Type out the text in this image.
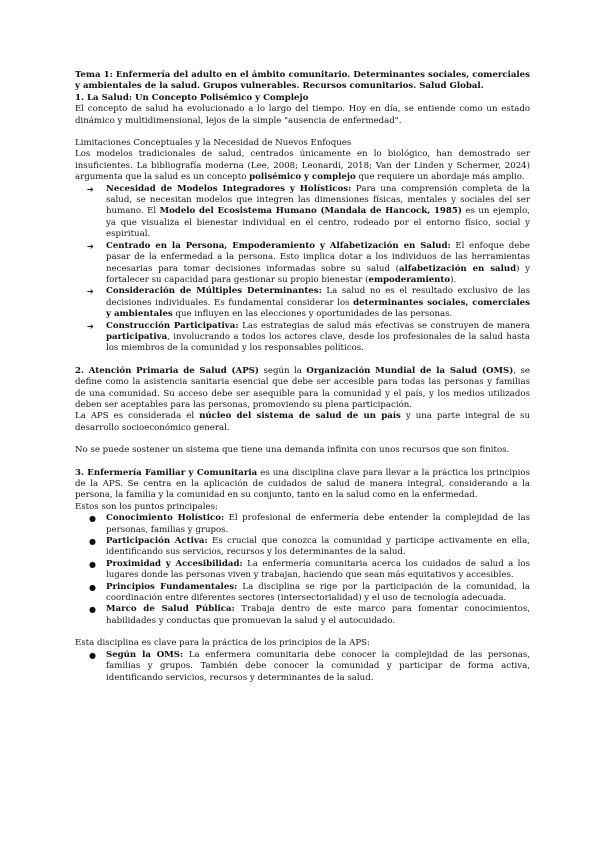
Tema 1: Enfermería del adulto en el ámbito comunitario. Determinantes sociales, comerciales y ambientales de la salud. Grupos vulnerables. Recursos comunitarios. Salud Global.

1. La Salud: Un Concepto Polisémico y Complejo

El concepto de salud ha evolucionado a lo largo del tiempo. Hoy en día, se entiende como un estado dinámico y multidimensional, lejos de la simple "ausencia de enfermedad".

Limitaciones Conceptuales y la Necesidad de Nuevos Enfoques

Los modelos tradicionales de salud, centrados únicamente en lo biológico, han demostrado ser insuficientes. La bibliografía moderna (Lee, 2008; Leonardi, 2018; Van der Linden y Schermer, 2024) argumenta que la salud es un concepto polisémico y complejo que requiere un abordaje más amplio.

➔ Necesidad de Modelos Integradores y Holísticos: Para una comprensión completa de la salud, se necesitan modelos que integren las dimensiones físicas, mentales y sociales del ser humano. El Modelo del Ecosistema Humano (Mandala de Hancock, 1985) es un ejemplo, ya que visualiza el bienestar individual en el centro, rodeado por el entorno físico, social y espiritual.
➔ Centrado en la Persona, Empoderamiento y Alfabetización en Salud: El enfoque debe pasar de la enfermedad a la persona. Esto implica dotar a los individuos de las herramientas necesarias para tomar decisiones informadas sobre su salud (alfabetización en salud) y fortalecer su capacidad para gestionar su propio bienestar (empoderamiento).
➔ Consideración de Múltiples Determinantes: La salud no es el resultado exclusivo de las decisiones individuales. Es fundamental considerar los determinantes sociales, comerciales y ambientales que influyen en las elecciones y oportunidades de las personas.
➔ Construcción Participativa: Las estrategias de salud más efectivas se construyen de manera participativa, involucrando a todos los actores clave, desde los profesionales de la salud hasta los miembros de la comunidad y los responsables políticos.

2. Atención Primaria de Salud (APS) según la Organización Mundial de la Salud (OMS), se define como la asistencia sanitaria esencial que debe ser accesible para todas las personas y familias de una comunidad. Su acceso debe ser asequible para la comunidad y el país, y los medios utilizados deben ser aceptables para las personas, promoviendo su plena participación.

La APS es considerada el núcleo del sistema de salud de un país y una parte integral de su desarrollo socioeconómico general.

No se puede sostener un sistema que tiene una demanda infinita con unos recursos que son finitos.

3. Enfermería Familiar y Comunitaria es una disciplina clave para llevar a la práctica los principios de la APS. Se centra en la aplicación de cuidados de salud de manera integral, considerando a la persona, la familia y la comunidad en su conjunto, tanto en la salud como en la enfermedad.

Estos son los puntos principales:

● Conocimiento Holístico: El profesional de enfermería debe entender la complejidad de las personas, familias y grupos.
● Participación Activa: Es crucial que conozca la comunidad y participe activamente en ella, identificando sus servicios, recursos y los determinantes de la salud.
● Proximidad y Accesibilidad: La enfermería comunitaria acerca los cuidados de salud a los lugares donde las personas viven y trabajan, haciendo que sean más equitativos y accesibles.
● Principios Fundamentales: La disciplina se rige por la participación de la comunidad, la coordinación entre diferentes sectores (intersectorialidad) y el uso de tecnología adecuada.
● Marco de Salud Pública: Trabaja dentro de este marco para fomentar conocimientos, habilidades y conductas que promuevan la salud y el autocuidado.

Esta disciplina es clave para la práctica de los principios de la APS:

● Según la OMS: La enfermera comunitaria debe conocer la complejidad de las personas, familias y grupos. También debe conocer la comunidad y participar de forma activa, identificando servicios, recursos y determinantes de la salud.
